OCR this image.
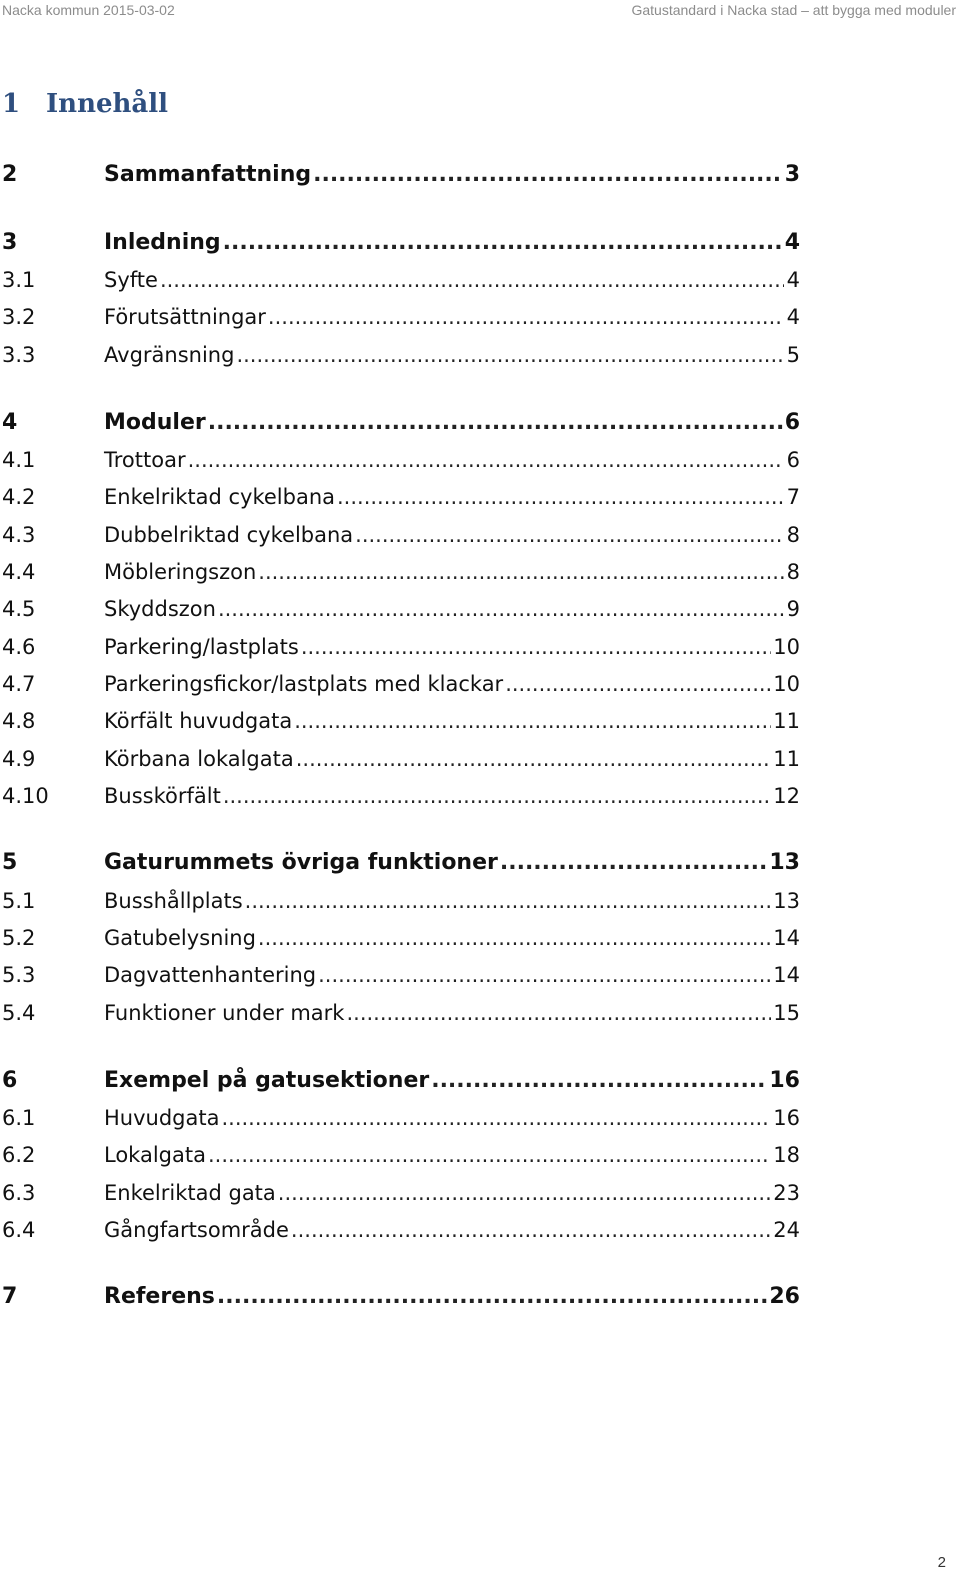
Nacka kommun 2015-03-02	Gatustandard i Nacka stad – att bygga med moduler
1 Innehåll
2	Sammanfattning .....	3
3	Inledning .....	4
3.1	Syfte .....	4
3.2	Förutsättningar .....	4
3.3	Avgränsning .....	5
4	Moduler .....	6
4.1	Trottoar .....	6
4.2	Enkelriktad cykelbana .....	7
4.3	Dubbelriktad cykelbana .....	8
4.4	Möbleringszon .....	8
4.5	Skyddszon .....	9
4.6	Parkering/lastplats .....	10
4.7	Parkeringsfickor/lastplats med klackar .....	10
4.8	Körfält huvudgata .....	11
4.9	Körbana lokalgata .....	11
4.10	Busskörfält .....	12
5	Gaturummets övriga funktioner .....	13
5.1	Busshållplats .....	13
5.2	Gatubelysning .....	14
5.3	Dagvattenhantering .....	14
5.4	Funktioner under mark .....	15
6	Exempel på gatusektioner .....	16
6.1	Huvudgata .....	16
6.2	Lokalgata .....	18
6.3	Enkelriktad gata .....	23
6.4	Gångfartsområde .....	24
7	Referens .....	26
2
